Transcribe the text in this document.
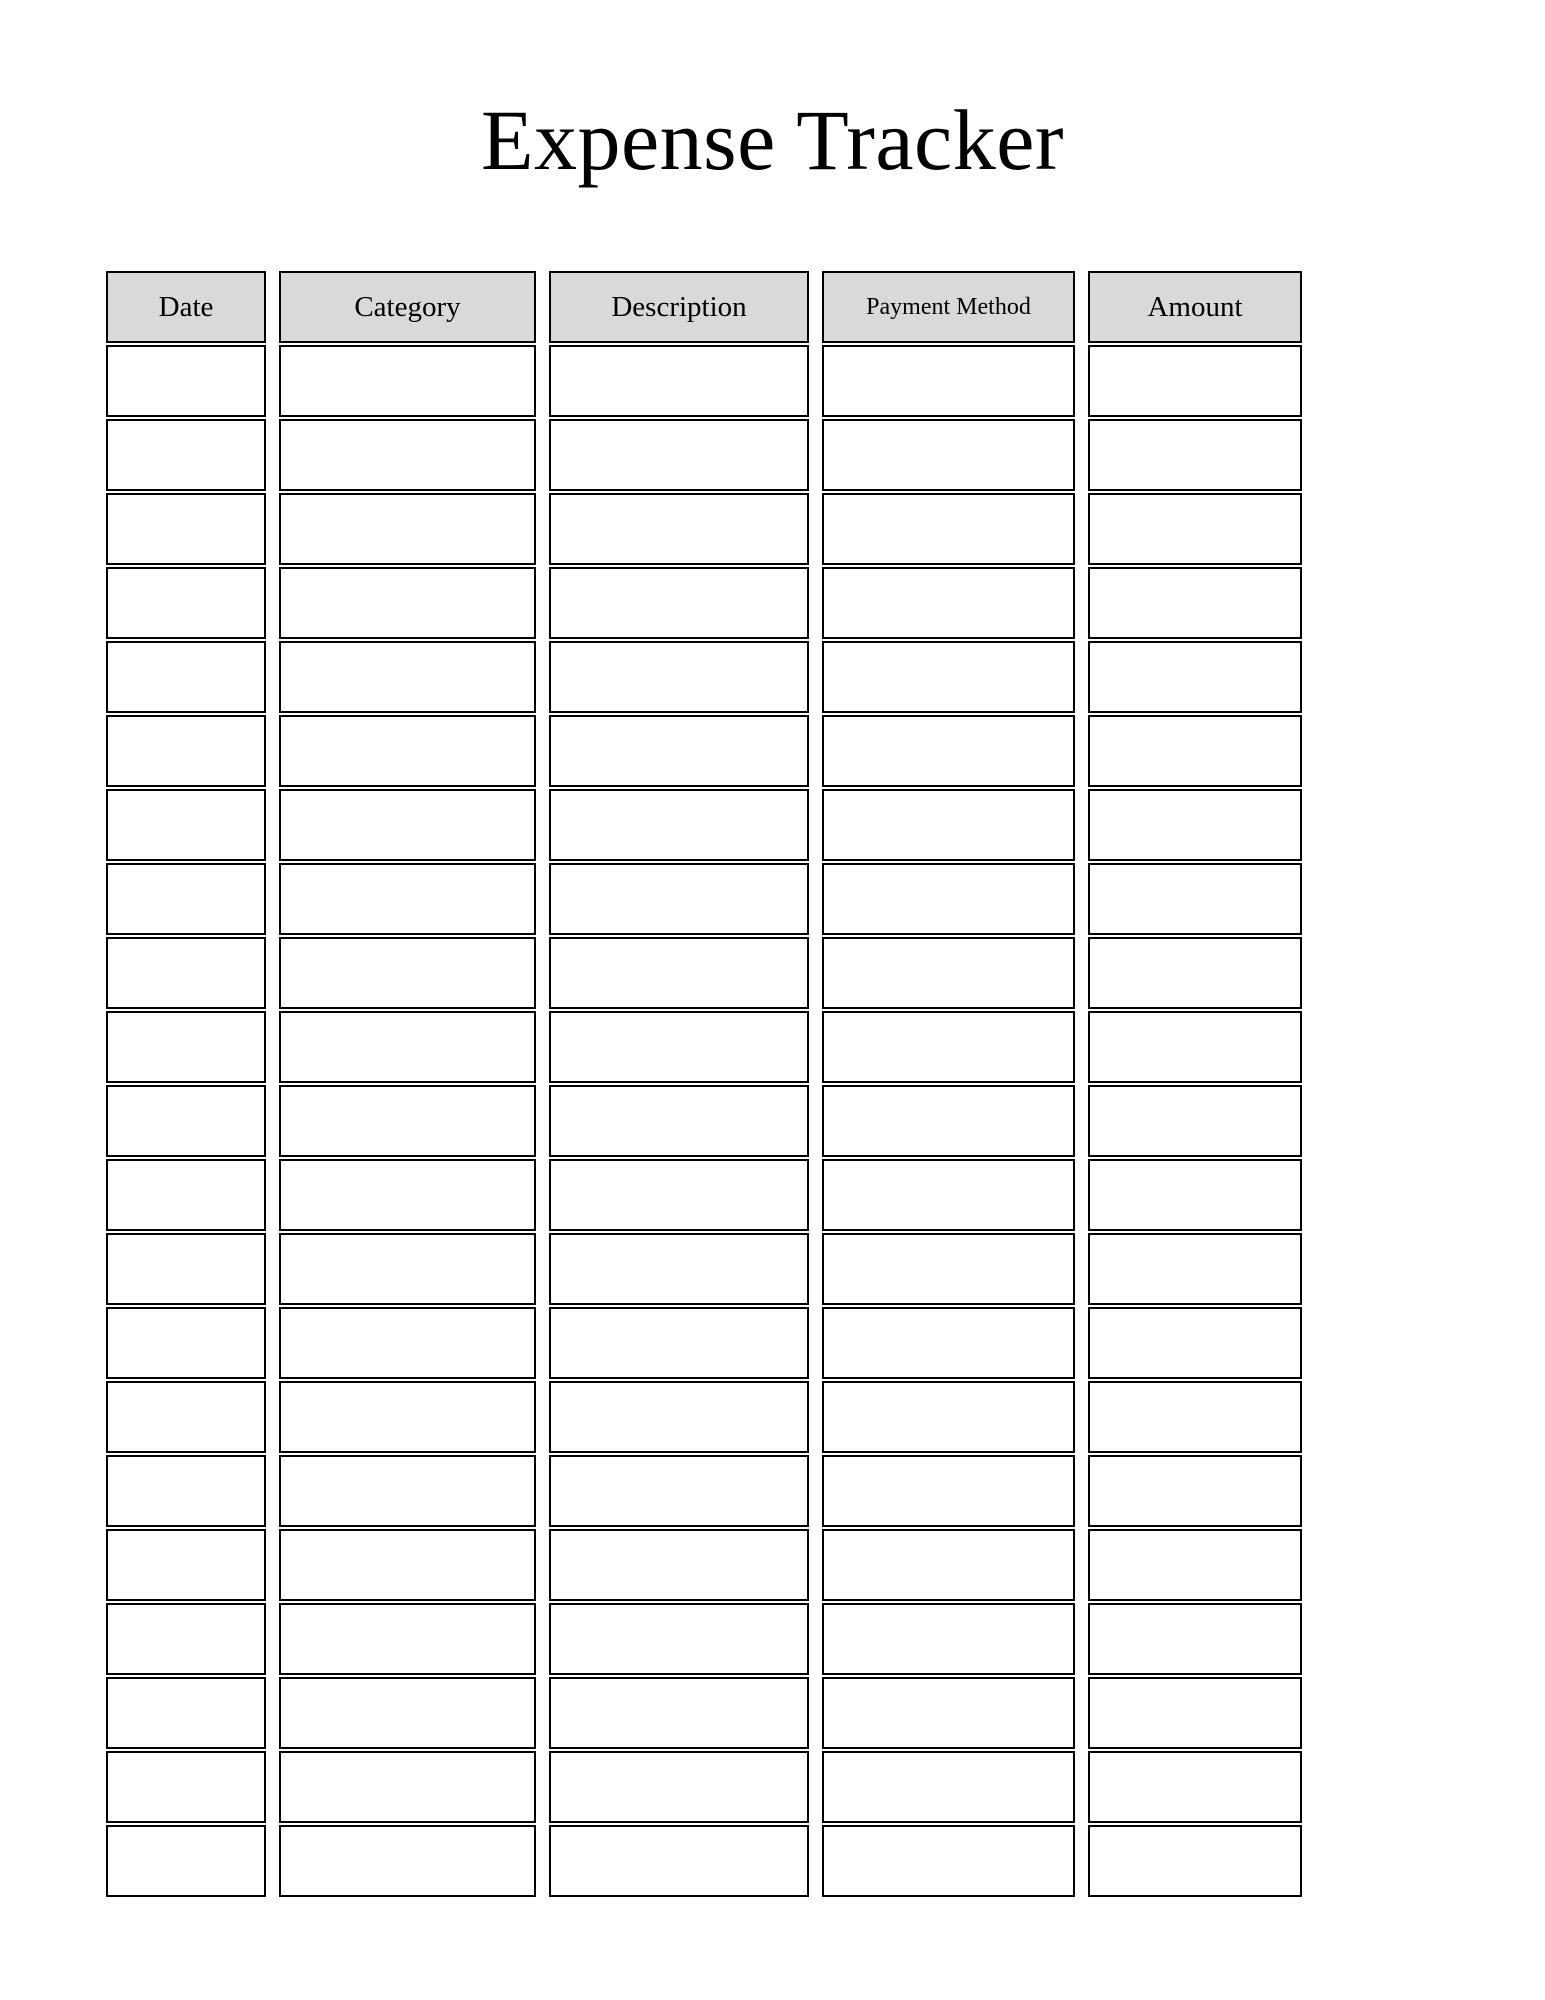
Expense Tracker
Date	Category	Description	Payment Method	Amount
